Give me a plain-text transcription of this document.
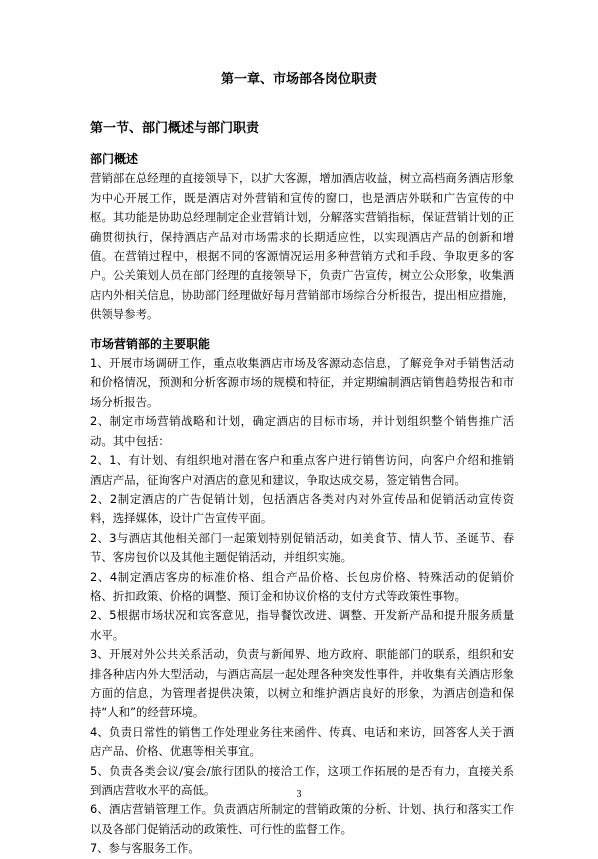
第一章、市场部各岗位职责
第一节、部门概述与部门职责
部门概述

营销部在总经理的直接领导下，以扩大客源，增加酒店收益，树立高档商务酒店形象为中心开展工作，既是酒店对外营销和宣传的窗口，也是酒店外联和广告宣传的中枢。其功能是协助总经理制定企业营销计划，分解落实营销指标，保证营销计划的正确贯彻执行，保持酒店产品对市场需求的长期适应性，以实现酒店产品的创新和增值。在营销过程中，根据不同的客源情况运用多种营销方式和手段、争取更多的客户。公关策划人员在部门经理的直接领导下，负责广告宣传，树立公众形象，收集酒店内外相关信息，协助部门经理做好每月营销部市场综合分析报告，提出相应措施，供领导参考。

市场营销部的主要职能

1、开展市场调研工作，重点收集酒店市场及客源动态信息，了解竞争对手销售活动和价格情况，预测和分析客源市场的规模和特征，并定期编制酒店销售趋势报告和市场分析报告。

2、制定市场营销战略和计划，确定酒店的目标市场，并计划组织整个销售推广活动。其中包括：

2、1、有计划、有组织地对潜在客户和重点客户进行销售访问，向客户介绍和推销酒店产品，征询客户对酒店的意见和建议，争取达成交易，签定销售合同。

2、2制定酒店的广告促销计划，包括酒店各类对内对外宣传品和促销活动宣传资料，选择媒体，设计广告宣传平面。

2、3与酒店其他相关部门一起策划特别促销活动，如美食节、情人节、圣诞节、春节、客房包价以及其他主题促销活动，并组织实施。

2、4制定酒店客房的标准价格、组合产品价格、长包房价格、特殊活动的促销价格、折扣政策、价格的调整、预订金和协议价格的支付方式等政策性事物。

2、5根据市场状况和宾客意见，指导餐饮改进、调整、开发新产品和提升服务质量水平。

3、开展对外公共关系活动，负责与新闻界、地方政府、职能部门的联系，组织和安排各种店内外大型活动，与酒店高层一起处理各种突发性事件，并收集有关酒店形象方面的信息，为管理者提供决策，以树立和维护酒店良好的形象，为酒店创造和保持“人和”的经营环境。

4、负责日常性的销售工作处理业务往来函件、传真、电话和来访，回答客人关于酒店产品、价格、优惠等相关事宜。

5、负责各类会议/宴会/旅行团队的接洽工作，这项工作拓展的是否有力，直接关系到酒店营收水平的高低。

6、酒店营销管理工作。负责酒店所制定的营销政策的分析、计划、执行和落实工作以及各部门促销活动的政策性、可行性的监督工作。

7、参与客服务工作。

3
